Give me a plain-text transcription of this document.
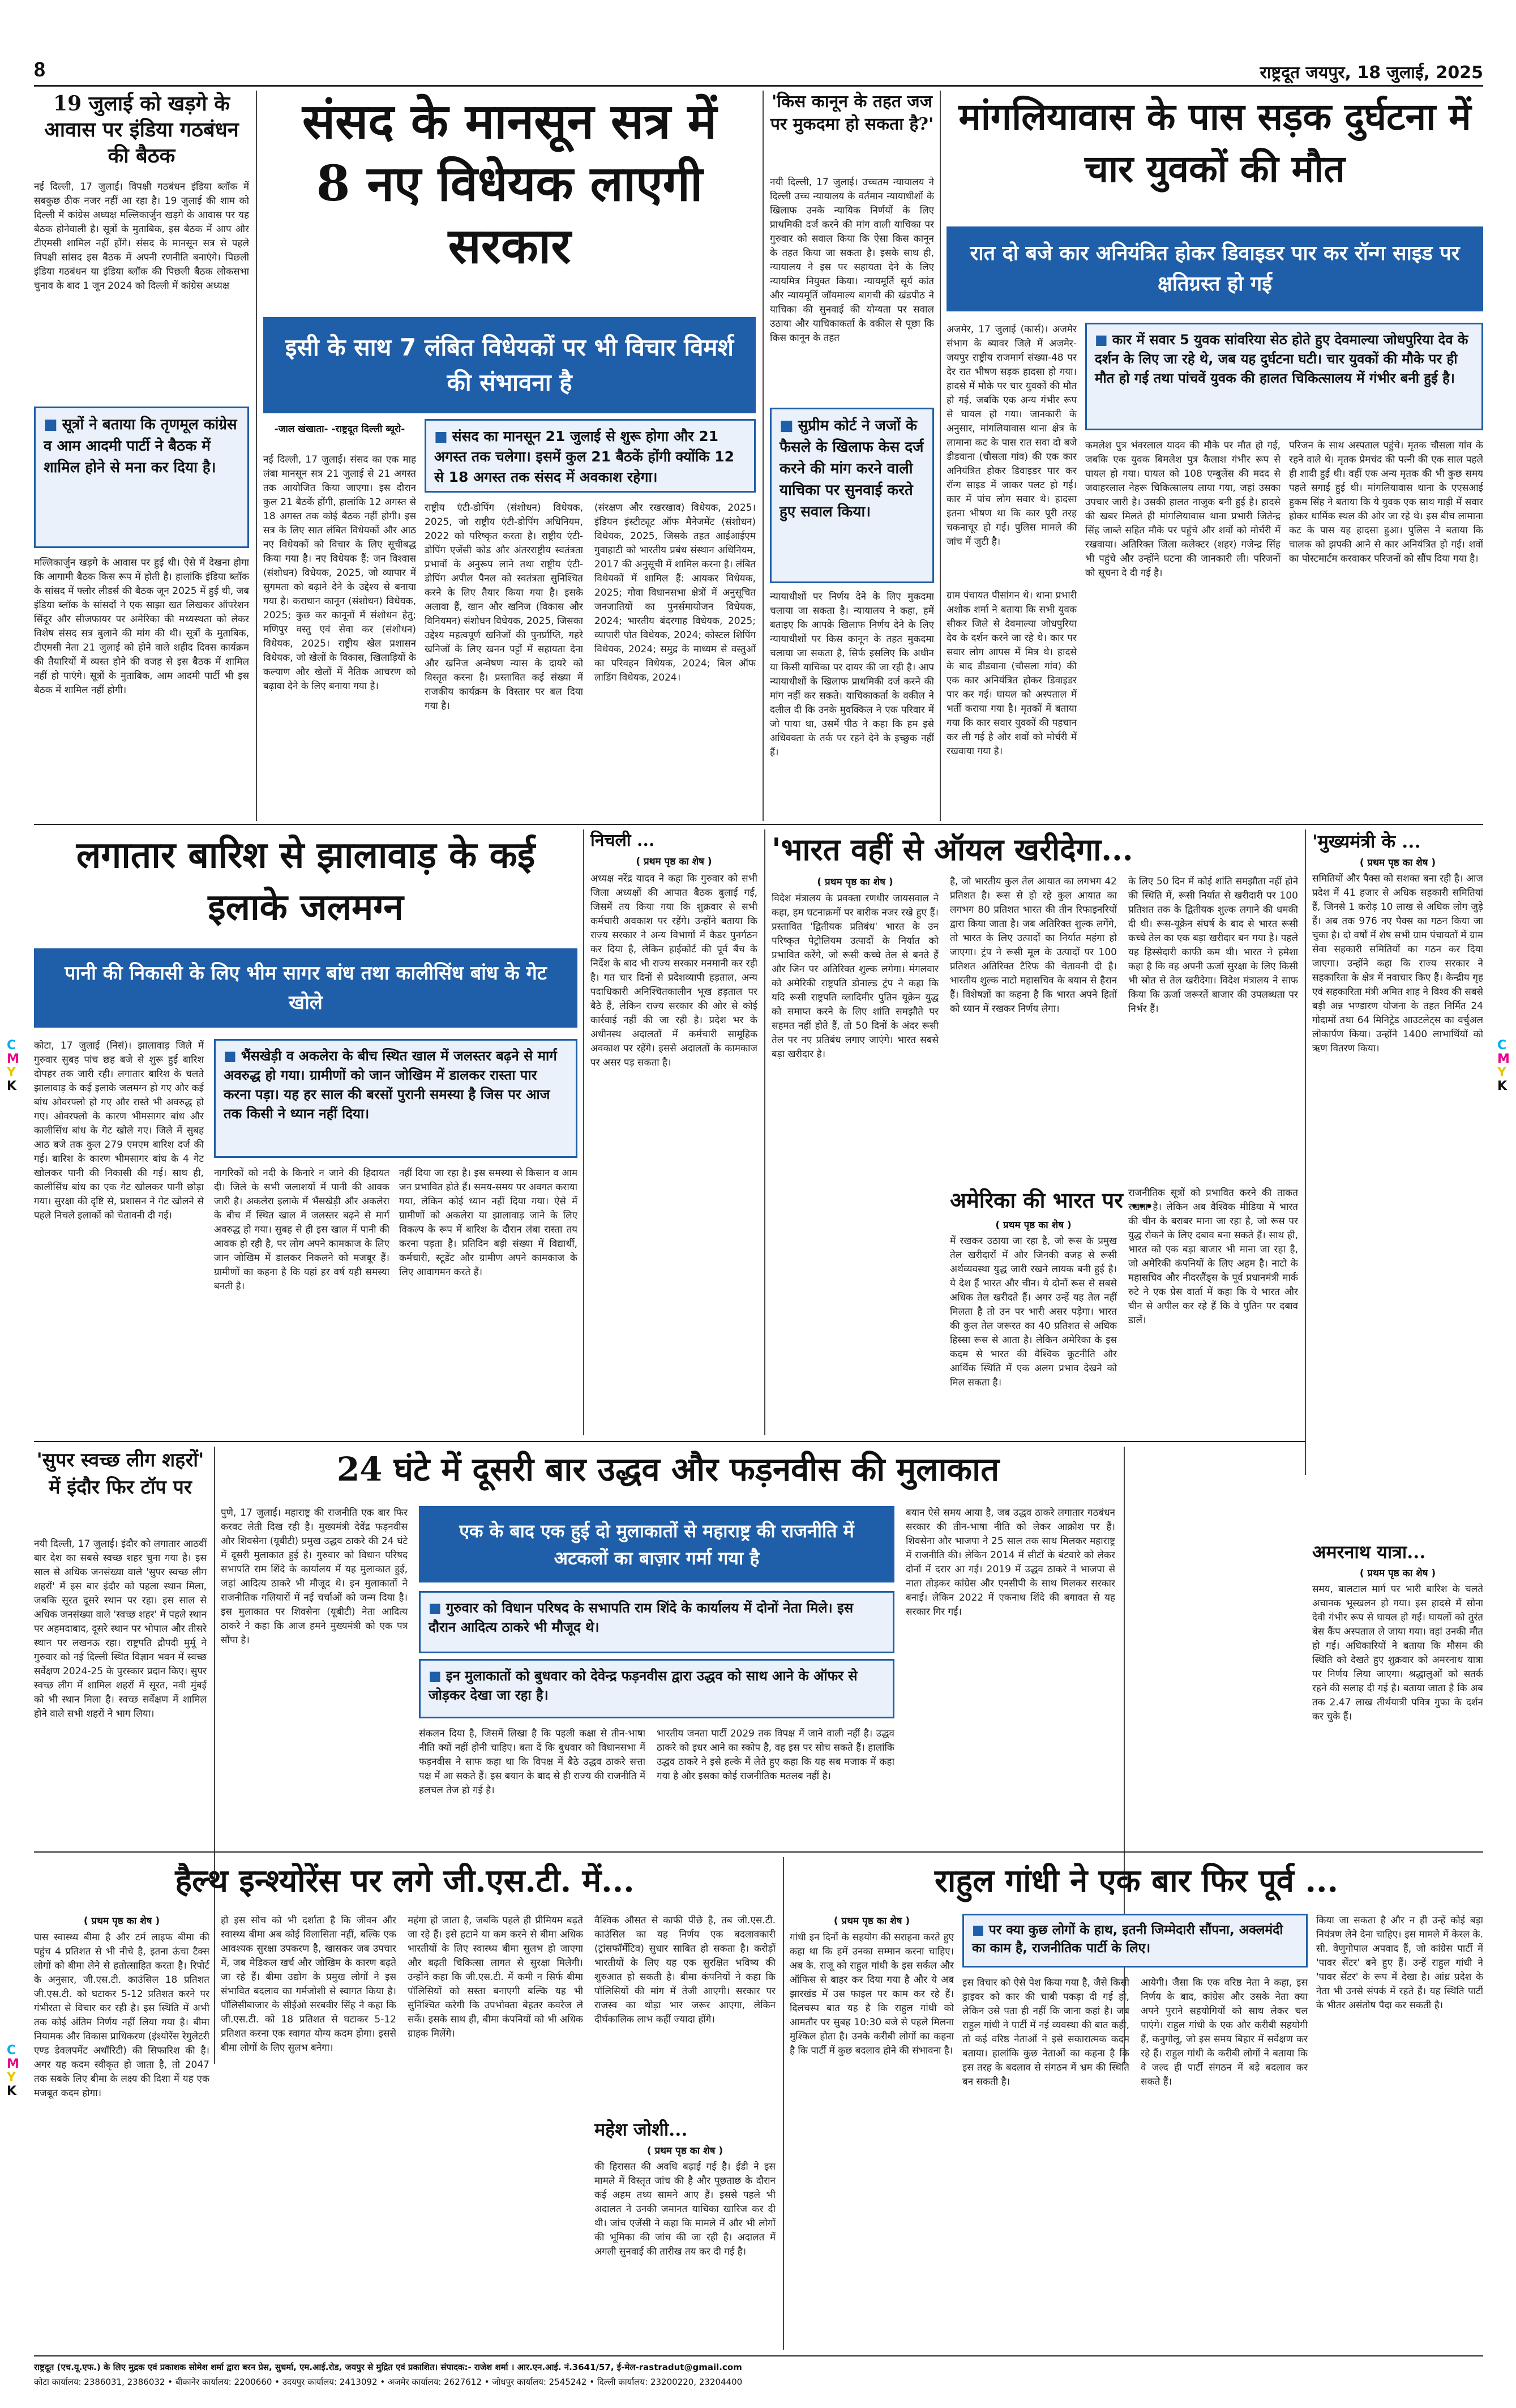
8	राष्ट्रदूत जयपुर, 18 जुलाई, 2025
C
M
Y
K
C
M
Y
K
C
M
Y
K
19 जुलाई को खड़गे के आवास पर इंडिया गठबंधन की बैठक
नई दिल्ली, 17 जुलाई। विपक्षी गठबंधन इंडिया ब्लॉक में सबकुछ ठीक नजर नहीं आ रहा है। 19 जुलाई की शाम को दिल्ली में कांग्रेस अध्यक्ष मल्लिकार्जुन खड़गे के आवास पर यह बैठक होनेवाली है। सूत्रों के मुताबिक, इस बैठक में आप और टीएमसी शामिल नहीं होंगे। संसद के मानसून सत्र से पहले विपक्षी सांसद इस बैठक में अपनी रणनीति बनाएंगे। पिछली इंडिया गठबंधन या इंडिया ब्लॉक की पिछली बैठक लोकसभा चुनाव के बाद 1 जून 2024 को दिल्ली में कांग्रेस अध्यक्ष
■ सूत्रों ने बताया कि तृणमूल कांग्रेस व आम आदमी पार्टी ने बैठक में शामिल होने से मना कर दिया है।
मल्लिकार्जुन खड़गे के आवास पर हुई थी। ऐसे में देखना होगा कि आगामी बैठक किस रूप में होती है। हालांकि इंडिया ब्लॉक के सांसद में फ्लोर लीडर्स की बैठक जून 2025 में हुई थी, जब इंडिया ब्लॉक के सांसदों ने एक साझा खत लिखकर ऑपरेशन सिंदूर और सीजफायर पर अमेरिका की मध्यस्थता को लेकर विशेष संसद सत्र बुलाने की मांग की थी। सूत्रों के मुताबिक, टीएमसी नेता 21 जुलाई को होने वाले शहीद दिवस कार्यक्रम की तैयारियों में व्यस्त होने की वजह से इस बैठक में शामिल नहीं हो पाएंगे। सूत्रों के मुताबिक, आम आदमी पार्टी भी इस बैठक में शामिल नहीं होगी।
संसद के मानसून सत्र में 8 नए विधेयक लाएगी सरकार
इसी के साथ 7 लंबित विधेयकों पर भी विचार विमर्श की संभावना है
-जाल खंखाता- -राष्ट्रदूत दिल्ली ब्यूरो-
नई दिल्ली, 17 जुलाई। संसद का एक माह लंबा मानसून सत्र 21 जुलाई से 21 अगस्त तक आयोजित किया जाएगा। इस दौरान कुल 21 बैठकें होंगी, हालांकि 12 अगस्त से 18 अगस्त तक कोई बैठक नहीं होगी। इस सत्र के लिए सात लंबित विधेयकों और आठ नए विधेयकों को विचार के लिए सूचीबद्ध किया गया है। नए विधेयक हैं: जन विश्वास (संशोधन) विधेयक, 2025, जो व्यापार में सुगमता को बढ़ाने देने के उद्देश्य से बनाया गया है। कराधान कानून (संशोधन) विधेयक, 2025; कुछ कर कानूनों में संशोधन हेतु; मणिपुर वस्तु एवं सेवा कर (संशोधन) विधेयक, 2025। राष्ट्रीय खेल प्रशासन विधेयक, जो खेलों के विकास, खिलाड़ियों के कल्याण और खेलों में नैतिक आचरण को बढ़ावा देने के लिए बनाया गया है।
■ संसद का मानसून 21 जुलाई से शुरू होगा और 21 अगस्त तक चलेगा। इसमें कुल 21 बैठकें होंगी क्योंकि 12 से 18 अगस्त तक संसद में अवकाश रहेगा।
राष्ट्रीय एंटी-डोपिंग (संशोधन) विधेयक, 2025, जो राष्ट्रीय एंटी-डोपिंग अधिनियम, 2022 को परिष्कृत करता है। राष्ट्रीय एंटी-डोपिंग एजेंसी कोड और अंतरराष्ट्रीय स्वतंत्रता प्रभावों के अनुरूप लाने तथा राष्ट्रीय एंटी-डोपिंग अपील पैनल को स्वतंत्रता सुनिश्चित करने के लिए तैयार किया गया है। इसके अलावा हैं, खान और खनिज (विकास और विनियमन) संशोधन विधेयक, 2025, जिसका उद्देश्य महत्वपूर्ण खनिजों की पुनर्प्राप्ति, गहरे खनिजों के लिए खनन पट्टों में सहायता देना और खनिज अन्वेषण न्यास के दायरे को विस्तृत करना है। प्रस्तावित कई संख्या में राजकीय कार्यक्रम के विस्तार पर बल दिया गया है।
(संरक्षण और रखरखाव) विधेयक, 2025। इंडियन इंस्टीट्यूट ऑफ मैनेजमेंट (संशोधन) विधेयक, 2025, जिसके तहत आईआईएम गुवाहाटी को भारतीय प्रबंध संस्थान अधिनियम, 2017 की अनुसूची में शामिल करना है। लंबित विधेयकों में शामिल हैं: आयकर विधेयक, 2025; गोवा विधानसभा क्षेत्रों में अनुसूचित जनजातियों का पुनर्समायोजन विधेयक, 2024; भारतीय बंदरगाह विधेयक, 2025; व्यापारी पोत विधेयक, 2024; कोस्टल शिपिंग विधेयक, 2024; समुद्र के माध्यम से वस्तुओं का परिवहन विधेयक, 2024; बिल ऑफ लाडिंग विधेयक, 2024।
'किस कानून के तहत जज पर मुकदमा हो सकता है?'
नयी दिल्ली, 17 जुलाई। उच्चतम न्यायालय ने दिल्ली उच्च न्यायालय के वर्तमान न्यायाधीशों के खिलाफ उनके न्यायिक निर्णयों के लिए प्राथमिकी दर्ज करने की मांग वाली याचिका पर गुरुवार को सवाल किया कि ऐसा किस कानून के तहत किया जा सकता है। इसके साथ ही, न्यायालय ने इस पर सहायता देने के लिए न्यायमित्र नियुक्त किया। न्यायमूर्ति सूर्य कांत और न्यायमूर्ति जॉयमाल्य बागची की खंडपीठ ने याचिका की सुनवाई की योग्यता पर सवाल उठाया और याचिकाकर्ता के वकील से पूछा कि किस कानून के तहत
■ सुप्रीम कोर्ट ने जजों के फैसले के खिलाफ केस दर्ज करने की मांग करने वाली याचिका पर सुनवाई करते हुए सवाल किया।
न्यायाधीशों पर निर्णय देने के लिए मुकदमा चलाया जा सकता है। न्यायालय ने कहा, हमें बताइए कि आपके खिलाफ निर्णय देने के लिए न्यायाधीशों पर किस कानून के तहत मुकदमा चलाया जा सकता है, सिर्फ इसलिए कि अधीन या किसी याचिका पर दायर की जा रही है। आप न्यायाधीशों के खिलाफ प्राथमिकी दर्ज करने की मांग नहीं कर सकते। याचिकाकर्ता के वकील ने दलील दी कि उनके मुवक्किल ने एक परिवार में जो पाया था, उसमें पीठ ने कहा कि हम इसे अधिवक्ता के तर्क पर रहने देने के इच्छुक नहीं हैं।
मांगलियावास के पास सड़क दुर्घटना में चार युवकों की मौत
रात दो बजे कार अनियंत्रित होकर डिवाइडर पार कर रॉन्ग साइड पर क्षतिग्रस्त हो गई
अजमेर, 17 जुलाई (कार्स)। अजमेर संभाग के ब्यावर जिले में अजमेर-जयपुर राष्ट्रीय राजमार्ग संख्या-48 पर देर रात भीषण सड़क हादसा हो गया। हादसे में मौके पर चार युवकों की मौत हो गई, जबकि एक अन्य गंभीर रूप से घायल हो गया। जानकारी के अनुसार, मांगलियावास थाना क्षेत्र के लामाना कट के पास रात सवा दो बजे डीडवाना (चौसला गांव) की एक कार अनियंत्रित होकर डिवाइडर पार कर रॉन्ग साइड में जाकर पलट हो गई। कार में पांच लोग सवार थे। हादसा इतना भीषण था कि कार पूरी तरह चकनाचूर हो गई। पुलिस मामले की जांच में जुटी है।
■ कार में सवार 5 युवक सांवरिया सेठ होते हुए देवमाल्या जोधपुरिया देव के दर्शन के लिए जा रहे थे, जब यह दुर्घटना घटी। चार युवकों की मौके पर ही मौत हो गई तथा पांचवें युवक की हालत चिकित्सालय में गंभीर बनी हुई है।
ग्राम पंचायत पीसांगन थे। थाना प्रभारी अशोक शर्मा ने बताया कि सभी युवक सीकर जिले से देवमाल्या जोधपुरिया देव के दर्शन करने जा रहे थे। कार पर सवार लोग आपस में मित्र थे। हादसे के बाद डीडवाना (चौसला गांव) की एक कार अनियंत्रित होकर डिवाइडर पार कर गई। घायल को अस्पताल में भर्ती कराया गया है। मृतकों में बताया गया कि कार सवार युवकों की पहचान कर ली गई है और शवों को मोर्चरी में रखवाया गया है।
कमलेश पुत्र भंवरलाल यादव की मौके पर मौत हो गई, जबकि एक युवक बिमलेश पुत्र कैलाश गंभीर रूप से घायल हो गया। घायल को 108 एम्बुलेंस की मदद से जवाहरलाल नेहरू चिकित्सालय लाया गया, जहां उसका उपचार जारी है। उसकी हालत नाजुक बनी हुई है। हादसे की खबर मिलते ही मांगलियावास थाना प्रभारी जितेन्द्र सिंह जाब्ते सहित मौके पर पहुंचे और शवों को मोर्चरी में रखवाया। अतिरिक्त जिला कलेक्टर (शहर) गजेन्द्र सिंह भी पहुंचे और उन्होंने घटना की जानकारी ली। परिजनों को सूचना दे दी गई है।
परिजन के साथ अस्पताल पहुंचे। मृतक चौसला गांव के रहने वाले थे। मृतक प्रेमचंद की पत्नी की एक साल पहले ही शादी हुई थी। वहीं एक अन्य मृतक की भी कुछ समय पहले सगाई हुई थी। मांगलियावास थाना के एएसआई हुकम सिंह ने बताया कि ये युवक एक साथ गाड़ी में सवार होकर धार्मिक स्थल की ओर जा रहे थे। इस बीच लामाना कट के पास यह हादसा हुआ। पुलिस ने बताया कि चालक को झपकी आने से कार अनियंत्रित हो गई। शवों का पोस्टमार्टम करवाकर परिजनों को सौंप दिया गया है।
लगातार बारिश से झालावाड़ के कई इलाके जलमग्न
पानी की निकासी के लिए भीम सागर बांध तथा कालीसिंध बांध के गेट खोले
कोटा, 17 जुलाई (निसं)। झालावाड़ जिले में गुरुवार सुबह पांच छह बजे से शुरू हुई बारिश दोपहर तक जारी रही। लगातार बारिश के चलते झालावाड़ के कई इलाके जलमग्न हो गए और कई बांध ओवरफ्लो हो गए और रास्ते भी अवरुद्ध हो गए। ओवरफ्लो के कारण भीमसागर बांध और कालीसिंध बांध के गेट खोले गए। जिले में सुबह आठ बजे तक कुल 279 एमएम बारिश दर्ज की गई। बारिश के कारण भीमसागर बांध के 4 गेट खोलकर पानी की निकासी की गई। साथ ही, कालीसिंध बांध का एक गेट खोलकर पानी छोड़ा गया। सुरक्षा की दृष्टि से, प्रशासन ने गेट खोलने से पहले निचले इलाकों को चेतावनी दी गई।
■ भैंसखेड़ी व अकलेरा के बीच स्थित खाल में जलस्तर बढ़ने से मार्ग अवरुद्ध हो गया। ग्रामीणों को जान जोखिम में डालकर रास्ता पार करना पड़ा। यह हर साल की बरसों पुरानी समस्या है जिस पर आज तक किसी ने ध्यान नहीं दिया।
नागरिकों को नदी के किनारे न जाने की हिदायत दी। जिले के सभी जलाशयों में पानी की आवक जारी है। अकलेरा इलाके में भैंसखेड़ी और अकलेरा के बीच में स्थित खाल में जलस्तर बढ़ने से मार्ग अवरुद्ध हो गया। सुबह से ही इस खाल में पानी की आवक हो रही है, पर लोग अपने कामकाज के लिए जान जोखिम में डालकर निकलने को मजबूर हैं। ग्रामीणों का कहना है कि यहां हर वर्ष यही समस्या बनती है।
नहीं दिया जा रहा है। इस समस्या से किसान व आम जन प्रभावित होते हैं। समय-समय पर अवगत कराया गया, लेकिन कोई ध्यान नहीं दिया गया। ऐसे में ग्रामीणों को अकलेरा या झालावाड़ जाने के लिए विकल्प के रूप में बारिश के दौरान लंबा रास्ता तय करना पड़ता है। प्रतिदिन बड़ी संख्या में विद्यार्थी, कर्मचारी, स्टूडेंट और ग्रामीण अपने कामकाज के लिए आवागमन करते हैं।
निचली ...
( प्रथम पृष्ठ का शेष )
अध्यक्ष नरेंद्र यादव ने कहा कि गुरुवार को सभी जिला अध्यक्षों की आपात बैठक बुलाई गई, जिसमें तय किया गया कि शुक्रवार से सभी कर्मचारी अवकाश पर रहेंगे। उन्होंने बताया कि राज्य सरकार ने अन्य विभागों में कैडर पुनर्गठन कर दिया है, लेकिन हाईकोर्ट की पूर्व बैंच के निर्देश के बाद भी राज्य सरकार मनमानी कर रही है। गत चार दिनों से प्रदेशव्यापी हड़ताल, अन्य पदाधिकारी अनिश्चितकालीन भूख हड़ताल पर बैठे हैं, लेकिन राज्य सरकार की ओर से कोई कार्रवाई नहीं की जा रही है। प्रदेश भर के अधीनस्थ अदालतों में कर्मचारी सामूहिक अवकाश पर रहेंगे। इससे अदालतों के कामकाज पर असर पड़ सकता है।
'भारत वहीं से ऑयल खरीदेगा...
( प्रथम पृष्ठ का शेष )
विदेश मंत्रालय के प्रवक्ता रणधीर जायसवाल ने कहा, हम घटनाक्रमों पर बारीक नजर रखे हुए हैं। प्रस्तावित 'द्वितीयक प्रतिबंध' भारत के उन परिष्कृत पेट्रोलियम उत्पादों के निर्यात को प्रभावित करेंगे, जो रूसी कच्चे तेल से बनते हैं और जिन पर अतिरिक्त शुल्क लगेगा। मंगलवार को अमेरिकी राष्ट्रपति डोनाल्ड ट्रंप ने कहा कि यदि रूसी राष्ट्रपति व्लादिमीर पुतिन यूक्रेन युद्ध को समाप्त करने के लिए शांति समझौते पर सहमत नहीं होते हैं, तो 50 दिनों के अंदर रूसी तेल पर नए प्रतिबंध लगाए जाएंगे। भारत सबसे बड़ा खरीदार है।
है, जो भारतीय कुल तेल आयात का लगभग 42 प्रतिशत है। रूस से हो रहे कुल आयात का लगभग 80 प्रतिशत भारत की तीन रिफाइनरियों द्वारा किया जाता है। जब अतिरिक्त शुल्क लगेंगे, तो भारत के लिए उत्पादों का निर्यात महंगा हो जाएगा। ट्रंप ने रूसी मूल के उत्पादों पर 100 प्रतिशत अतिरिक्त टैरिफ की चेतावनी दी है। भारतीय शुल्क नाटो महासचिव के बयान से हैरान हैं। विशेषज्ञों का कहना है कि भारत अपने हितों को ध्यान में रखकर निर्णय लेगा।
के लिए 50 दिन में कोई शांति समझौता नहीं होने की स्थिति में, रूसी निर्यात से खरीदारी पर 100 प्रतिशत तक के द्वितीयक शुल्क लगाने की धमकी दी थी। रूस-यूक्रेन संघर्ष के बाद से भारत रूसी कच्चे तेल का एक बड़ा खरीदार बन गया है। पहले यह हिस्सेदारी काफी कम थी। भारत ने हमेशा कहा है कि वह अपनी ऊर्जा सुरक्षा के लिए किसी भी स्रोत से तेल खरीदेगा। विदेश मंत्रालय ने साफ किया कि ऊर्जा जरूरतें बाजार की उपलब्धता पर निर्भर हैं।
अमेरिका की भारत पर ...
( प्रथम पृष्ठ का शेष )
में रखकर उठाया जा रहा है, जो रूस के प्रमुख तेल खरीदारों में और जिनकी वजह से रूसी अर्थव्यवस्था युद्ध जारी रखने लायक बनी हुई है। ये देश हैं भारत और चीन। ये दोनों रूस से सबसे अधिक तेल खरीदते हैं। अगर उन्हें यह तेल नहीं मिलता है तो उन पर भारी असर पड़ेगा। भारत की कुल तेल जरूरत का 40 प्रतिशत से अधिक हिस्सा रूस से आता है। लेकिन अमेरिका के इस कदम से भारत की वैश्विक कूटनीति और आर्थिक स्थिति में एक अलग प्रभाव देखने को मिल सकता है।
राजनीतिक सूत्रों को प्रभावित करने की ताकत रखता है। लेकिन अब वैश्विक मीडिया में भारत की चीन के बराबर माना जा रहा है, जो रूस पर युद्ध रोकने के लिए दबाव बना सकते हैं। साथ ही, भारत को एक बड़ा बाजार भी माना जा रहा है, जो अमेरिकी कंपनियों के लिए अहम है। नाटो के महासचिव और नीदरलैंड्स के पूर्व प्रधानमंत्री मार्क रुटे ने एक प्रेस वार्ता में कहा कि ये भारत और चीन से अपील कर रहे हैं कि वे पुतिन पर दबाव डालें।
'मुख्यमंत्री के ...
( प्रथम पृष्ठ का शेष )
समितियों और पैक्स को सशक्त बना रही है। आज प्रदेश में 41 हजार से अधिक सहकारी समितियां हैं, जिनसे 1 करोड़ 10 लाख से अधिक लोग जुड़े हैं। अब तक 976 नए पैक्स का गठन किया जा चुका है। दो वर्षों में शेष सभी ग्राम पंचायतों में ग्राम सेवा सहकारी समितियों का गठन कर दिया जाएगा। उन्होंने कहा कि राज्य सरकार ने सहकारिता के क्षेत्र में नवाचार किए हैं। केन्द्रीय गृह एवं सहकारिता मंत्री अमित शाह ने विश्व की सबसे बड़ी अन्न भण्डारण योजना के तहत निर्मित 24 गोदामों तथा 64 मिनिट्रेड आउटलेट्स का वर्चुअल लोकार्पण किया। उन्होंने 1400 लाभार्थियों को ऋण वितरण किया।
'सुपर स्वच्छ लीग शहरों' में इंदौर फिर टॉप पर
नयी दिल्ली, 17 जुलाई। इंदौर को लगातार आठवीं बार देश का सबसे स्वच्छ शहर चुना गया है। इस साल से अधिक जनसंख्या वाले 'सुपर स्वच्छ लीग शहरों' में इस बार इंदौर को पहला स्थान मिला, जबकि सूरत दूसरे स्थान पर रहा। इस साल से अधिक जनसंख्या वाले 'स्वच्छ शहर' में पहले स्थान पर अहमदाबाद, दूसरे स्थान पर भोपाल और तीसरे स्थान पर लखनऊ रहा। राष्ट्रपति द्रौपदी मुर्मू ने गुरुवार को नई दिल्ली स्थित विज्ञान भवन में स्वच्छ सर्वेक्षण 2024-25 के पुरस्कार प्रदान किए। सुपर स्वच्छ लीग में शामिल शहरों में सूरत, नवी मुंबई को भी स्थान मिला है। स्वच्छ सर्वेक्षण में शामिल होने वाले सभी शहरों ने भाग लिया।
24 घंटे में दूसरी बार उद्धव और फड़नवीस की मुलाकात
पुणे, 17 जुलाई। महाराष्ट्र की राजनीति एक बार फिर करवट लेती दिख रही है। मुख्यमंत्री देवेंद्र फड़नवीस और शिवसेना (यूबीटी) प्रमुख उद्धव ठाकरे की 24 घंटे में दूसरी मुलाकात हुई है। गुरुवार को विधान परिषद सभापति राम शिंदे के कार्यालय में यह मुलाकात हुई, जहां आदित्य ठाकरे भी मौजूद थे। इन मुलाकातों ने राजनीतिक गलियारों में नई चर्चाओं को जन्म दिया है। इस मुलाकात पर शिवसेना (यूबीटी) नेता आदित्य ठाकरे ने कहा कि आज हमने मुख्यमंत्री को एक पत्र सौंपा है।
एक के बाद एक हुई दो मुलाकातों से महाराष्ट्र की राजनीति में अटकलों का बाज़ार गर्मा गया है
■ गुरुवार को विधान परिषद के सभापति राम शिंदे के कार्यालय में दोनों नेता मिले। इस दौरान आदित्य ठाकरे भी मौजूद थे।
■ इन मुलाकातों को बुधवार को देवेन्द्र फड़नवीस द्वारा उद्धव को साथ आने के ऑफर से जोड़कर देखा जा रहा है।
संकलन दिया है, जिसमें लिखा है कि पहली कक्षा से तीन-भाषा नीति क्यों नहीं होनी चाहिए। बता दें कि बुधवार को विधानसभा में फड़नवीस ने साफ कहा था कि विपक्ष में बैठे उद्धव ठाकरे सत्ता पक्ष में आ सकते हैं। इस बयान के बाद से ही राज्य की राजनीति में हलचल तेज हो गई है।
भारतीय जनता पार्टी 2029 तक विपक्ष में जाने वाली नहीं है। उद्धव ठाकरे को इधर आने का स्कोप है, वह इस पर सोच सकते हैं। हालांकि उद्धव ठाकरे ने इसे हल्के में लेते हुए कहा कि यह सब मजाक में कहा गया है और इसका कोई राजनीतिक मतलब नहीं है।
बयान ऐसे समय आया है, जब उद्धव ठाकरे लगातार गठबंधन सरकार की तीन-भाषा नीति को लेकर आक्रोश पर हैं। शिवसेना और भाजपा ने 25 साल तक साथ मिलकर महाराष्ट्र में राजनीति की। लेकिन 2014 में सीटों के बंटवारे को लेकर दोनों में दरार आ गई। 2019 में उद्धव ठाकरे ने भाजपा से नाता तोड़कर कांग्रेस और एनसीपी के साथ मिलकर सरकार बनाई। लेकिन 2022 में एकनाथ शिंदे की बगावत से यह सरकार गिर गई।
अमरनाथ यात्रा...
( प्रथम पृष्ठ का शेष )
समय, बालटाल मार्ग पर भारी बारिश के चलते अचानक भूस्खलन हो गया। इस हादसे में सोना देवी गंभीर रूप से घायल हो गईं। घायलों को तुरंत बेस कैंप अस्पताल ले जाया गया। वहां उनकी मौत हो गई। अधिकारियों ने बताया कि मौसम की स्थिति को देखते हुए शुक्रवार को अमरनाथ यात्रा पर निर्णय लिया जाएगा। श्रद्धालुओं को सतर्क रहने की सलाह दी गई है। बताया जाता है कि अब तक 2.47 लाख तीर्थयात्री पवित्र गुफा के दर्शन कर चुके हैं।
हैल्थ इन्श्योरेंस पर लगे जी.एस.टी. में...
( प्रथम पृष्ठ का शेष )
पास स्वास्थ्य बीमा है और टर्म लाइफ बीमा की पहुंच 4 प्रतिशत से भी नीचे है, इतना ऊंचा टैक्स लोगों को बीमा लेने से हतोत्साहित करता है। रिपोर्ट के अनुसार, जी.एस.टी. काउंसिल 18 प्रतिशत जी.एस.टी. को घटाकर 5-12 प्रतिशत करने पर गंभीरता से विचार कर रही है। इस स्थिति में अभी तक कोई अंतिम निर्णय नहीं लिया गया है। बीमा नियामक और विकास प्राधिकरण (इंश्योरेंस रेगुलेटरी एण्ड डेवलपमेंट अथॉरिटी) की सिफारिश की है। अगर यह कदम स्वीकृत हो जाता है, तो 2047 तक सबके लिए बीमा के लक्ष्य की दिशा में यह एक मजबूत कदम होगा।
हो इस सोच को भी दर्शाता है कि जीवन और स्वास्थ्य बीमा अब कोई विलासिता नहीं, बल्कि एक आवश्यक सुरक्षा उपकरण है, खासकर जब उपचार में, जब मेडिकल खर्च और जोखिम के कारण बढ़ते जा रहे हैं। बीमा उद्योग के प्रमुख लोगों ने इस संभावित बदलाव का गर्मजोशी से स्वागत किया है। पॉलिसीबाजार के सीईओ सरबवीर सिंह ने कहा कि जी.एस.टी. को 18 प्रतिशत से घटाकर 5-12 प्रतिशत करना एक स्वागत योग्य कदम होगा। इससे बीमा लोगों के लिए सुलभ बनेगा।
महंगा हो जाता है, जबकि पहले ही प्रीमियम बढ़ते जा रहे हैं। इसे हटाने या कम करने से बीमा अधिक भारतीयों के लिए स्वास्थ्य बीमा सुलभ हो जाएगा और बढ़ती चिकित्सा लागत से सुरक्षा मिलेगी। उन्होंने कहा कि जी.एस.टी. में कमी न सिर्फ बीमा पॉलिसियों को सस्ता बनाएगी बल्कि यह भी सुनिश्चित करेगी कि उपभोक्ता बेहतर कवरेज ले सकें। इसके साथ ही, बीमा कंपनियों को भी अधिक ग्राहक मिलेंगे।
वैश्विक औसत से काफी पीछे है, तब जी.एस.टी. काउंसिल का यह निर्णय एक बदलावकारी (ट्रांसफॉर्मेटिव) सुधार साबित हो सकता है। करोड़ों भारतीयों के लिए यह एक सुरक्षित भविष्य की शुरुआत हो सकती है। बीमा कंपनियों ने कहा कि पॉलिसियों की मांग में तेजी आएगी। सरकार पर राजस्व का थोड़ा भार जरूर आएगा, लेकिन दीर्घकालिक लाभ कहीं ज्यादा होंगे।
महेश जोशी...
( प्रथम पृष्ठ का शेष )
की हिरासत की अवधि बढ़ाई गई है। ईडी ने इस मामले में विस्तृत जांच की है और पूछताछ के दौरान कई अहम तथ्य सामने आए हैं। इससे पहले भी अदालत ने उनकी जमानत याचिका खारिज कर दी थी। जांच एजेंसी ने कहा कि मामले में और भी लोगों की भूमिका की जांच की जा रही है। अदालत में अगली सुनवाई की तारीख तय कर दी गई है।
राहुल गांधी ने एक बार फिर पूर्व ...
( प्रथम पृष्ठ का शेष )
गांधी इन दिनों के सहयोग की सराहना करते हुए कहा था कि हमें उनका सम्मान करना चाहिए। अब के. राजू को राहुल गांधी के इस सर्कल और ऑफिस से बाहर कर दिया गया है और ये अब झारखंड में उस फाइल पर काम कर रहे हैं। दिलचस्प बात यह है कि राहुल गांधी को आमतौर पर सुबह 10:30 बजे से पहले मिलना मुश्किल होता है। उनके करीबी लोगों का कहना है कि पार्टी में कुछ बदलाव होने की संभावना है।
■ पर क्या कुछ लोगों के हाथ, इतनी जिम्मेदारी सौंपना, अक्लमंदी का काम है, राजनीतिक पार्टी के लिए।
इस विचार को ऐसे पेश किया गया है, जैसे किसी ड्राइवर को कार की चाबी पकड़ा दी गई हो, लेकिन उसे पता ही नहीं कि जाना कहां है। जब राहुल गांधी ने पार्टी में नई व्यवस्था की बात कही, तो कई वरिष्ठ नेताओं ने इसे सकारात्मक कदम बताया। हालांकि कुछ नेताओं का कहना है कि इस तरह के बदलाव से संगठन में भ्रम की स्थिति बन सकती है।
आयेगी। जैसा कि एक वरिष्ठ नेता ने कहा, इस निर्णय के बाद, कांग्रेस और उसके नेता क्या अपने पुराने सहयोगियों को साथ लेकर चल पाएंगे। राहुल गांधी के एक और करीबी सहयोगी हैं, कनुगोलू, जो इस समय बिहार में सर्वेक्षण कर रहे हैं। राहुल गांधी के करीबी लोगों ने बताया कि वे जल्द ही पार्टी संगठन में बड़े बदलाव कर सकते हैं।
किया जा सकता है और न ही उन्हें कोई बड़ा नियंत्रण लेने देना चाहिए। इस मामले में केरल के. सी. वेणुगोपाल अपवाद हैं, जो कांग्रेस पार्टी में 'पावर सेंटर' बने हुए हैं। उन्हें राहुल गांधी ने 'पावर सेंटर' के रूप में देखा है। आंध्र प्रदेश के नेता भी उनसे संपर्क में रहते हैं। यह स्थिति पार्टी के भीतर असंतोष पैदा कर सकती है।
राष्ट्रदूत (एच.यू.एफ.) के लिए मुद्रक एवं प्रकाशक सोमेश शर्मा द्वारा बरन प्रेस, सुधर्मा, एम.आई.रोड, जयपुर से मुद्रित एवं प्रकाशित। संपादक:- राजेश शर्मा । आर.एन.आई. नं.3641/57, ई-मेल-rastradut@gmail.com
कोटा कार्यालय: 2386031, 2386032 • बीकानेर कार्यालय: 2200660 • उदयपुर कार्यालय: 2413092 • अजमेर कार्यालय: 2627612 • जोधपुर कार्यालय: 2545242 • दिल्ली कार्यालय: 23200220, 23204400
